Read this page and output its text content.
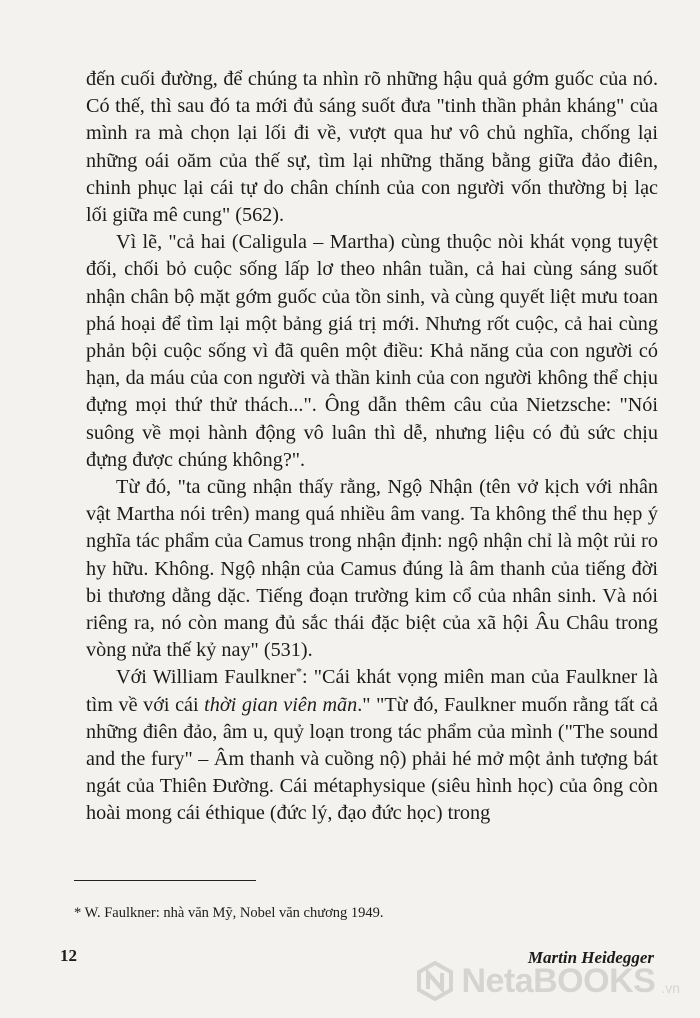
đến cuối đường, để chúng ta nhìn rõ những hậu quả gớm guốc của nó. Có thế, thì sau đó ta mới đủ sáng suốt đưa "tinh thần phản kháng" của mình ra mà chọn lại lối đi về, vượt qua hư vô chủ nghĩa, chống lại những oái oăm của thế sự, tìm lại những thăng bằng giữa đảo điên, chinh phục lại cái tự do chân chính của con người vốn thường bị lạc lối giữa mê cung" (562).

Vì lẽ, "cả hai (Caligula – Martha) cùng thuộc nòi khát vọng tuyệt đối, chối bỏ cuộc sống lấp lơ theo nhân tuần, cả hai cùng sáng suốt nhận chân bộ mặt gớm guốc của tồn sinh, và cùng quyết liệt mưu toan phá hoại để tìm lại một bảng giá trị mới. Nhưng rốt cuộc, cả hai cùng phản bội cuộc sống vì đã quên một điều: Khả năng của con người có hạn, da máu của con người và thần kinh của con người không thể chịu đựng mọi thứ thử thách...". Ông dẫn thêm câu của Nietzsche: "Nói suông về mọi hành động vô luân thì dễ, nhưng liệu có đủ sức chịu đựng được chúng không?".

Từ đó, "ta cũng nhận thấy rằng, Ngộ Nhận (tên vở kịch với nhân vật Martha nói trên) mang quá nhiều âm vang. Ta không thể thu hẹp ý nghĩa tác phẩm của Camus trong nhận định: ngộ nhận chỉ là một rủi ro hy hữu. Không. Ngộ nhận của Camus đúng là âm thanh của tiếng đời bi thương dằng dặc. Tiếng đoạn trường kim cổ của nhân sinh. Và nói riêng ra, nó còn mang đủ sắc thái đặc biệt của xã hội Âu Châu trong vòng nửa thế kỷ nay" (531).

Với William Faulkner*: "Cái khát vọng miên man của Faulkner là tìm về với cái thời gian viên mãn." "Từ đó, Faulkner muốn rằng tất cả những điên đảo, âm u, quỷ loạn trong tác phẩm của mình ("The sound and the fury" – Âm thanh và cuồng nộ) phải hé mở một ảnh tượng bát ngát của Thiên Đường. Cái métaphysique (siêu hình học) của ông còn hoài mong cái éthique (đức lý, đạo đức học) trong

* W. Faulkner: nhà văn Mỹ, Nobel văn chương 1949.
12	Martin Heidegger
NetaBOOKS .vn
